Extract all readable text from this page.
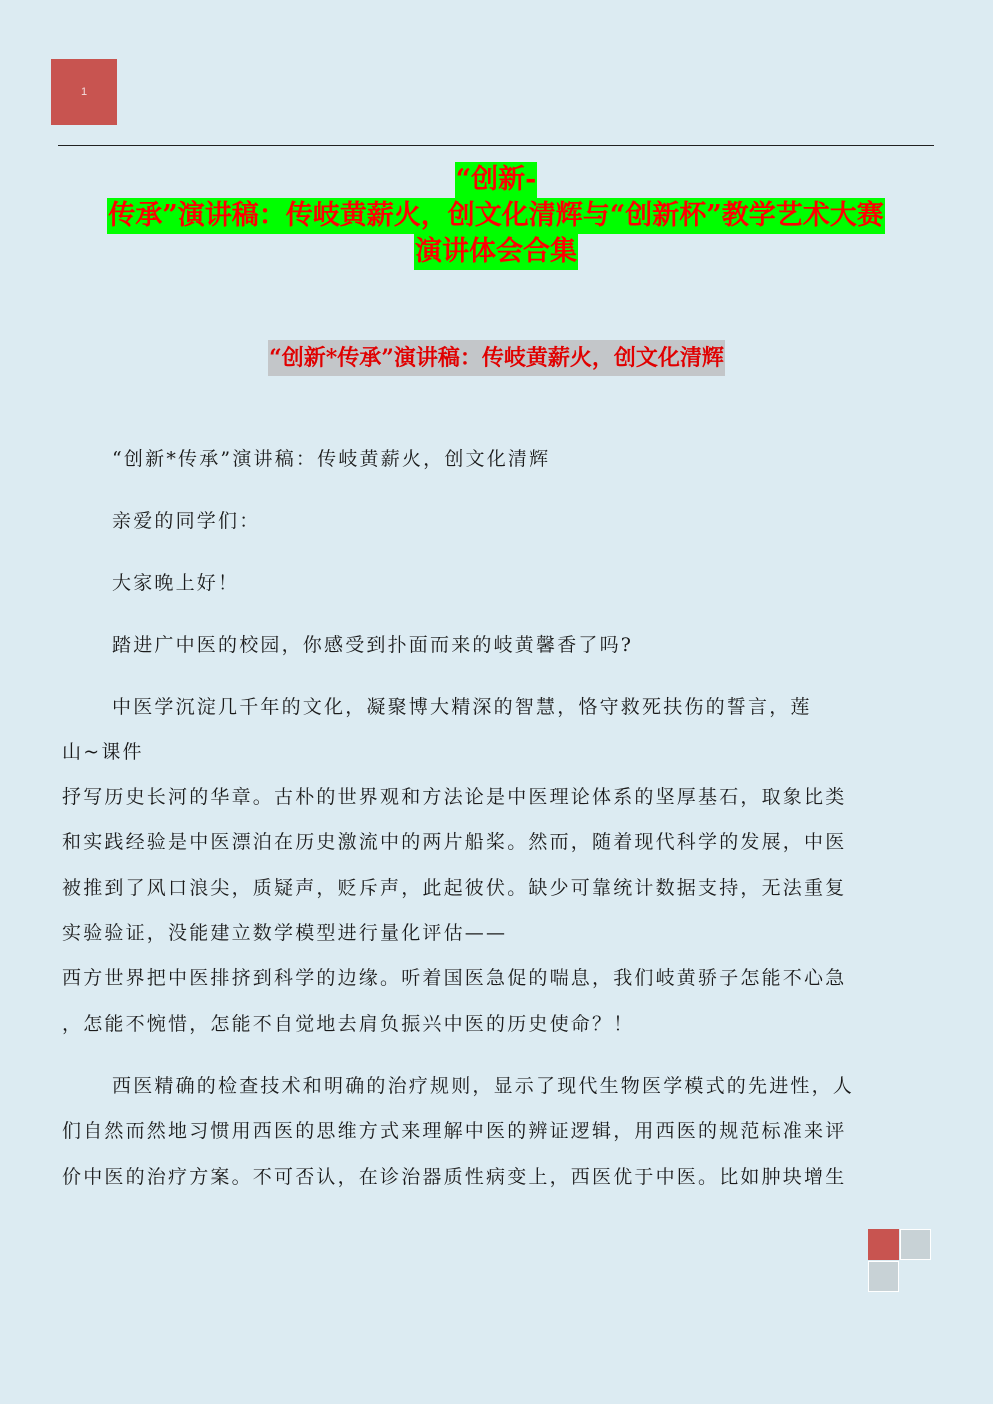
1
“创新-
传承”演讲稿：传岐黄薪火，创文化清辉与“创新杯”教学艺术大赛
演讲体会合集
“创新*传承”演讲稿：传岐黄薪火，创文化清辉

“创新*传承”演讲稿：传岐黄薪火，创文化清辉

亲爱的同学们：

大家晚上好！

踏进广中医的校园，你感受到扑面而来的岐黄馨香了吗?

中医学沉淀几千年的文化，凝聚博大精深的智慧，恪守救死扶伤的誓言，莲

山~课件

抒写历史长河的华章。古朴的世界观和方法论是中医理论体系的坚厚基石，取象比类

和实践经验是中医漂泊在历史激流中的两片船桨。然而，随着现代科学的发展，中医

被推到了风口浪尖，质疑声，贬斥声，此起彼伏。缺少可靠统计数据支持，无法重复

实验验证，没能建立数学模型进行量化评估——

西方世界把中医排挤到科学的边缘。听着国医急促的喘息，我们岐黄骄子怎能不心急

，怎能不惋惜，怎能不自觉地去肩负振兴中医的历史使命？！

西医精确的检查技术和明确的治疗规则，显示了现代生物医学模式的先进性，人

们自然而然地习惯用西医的思维方式来理解中医的辨证逻辑，用西医的规范标准来评

价中医的治疗方案。不可否认，在诊治器质性病变上，西医优于中医。比如肿块增生
